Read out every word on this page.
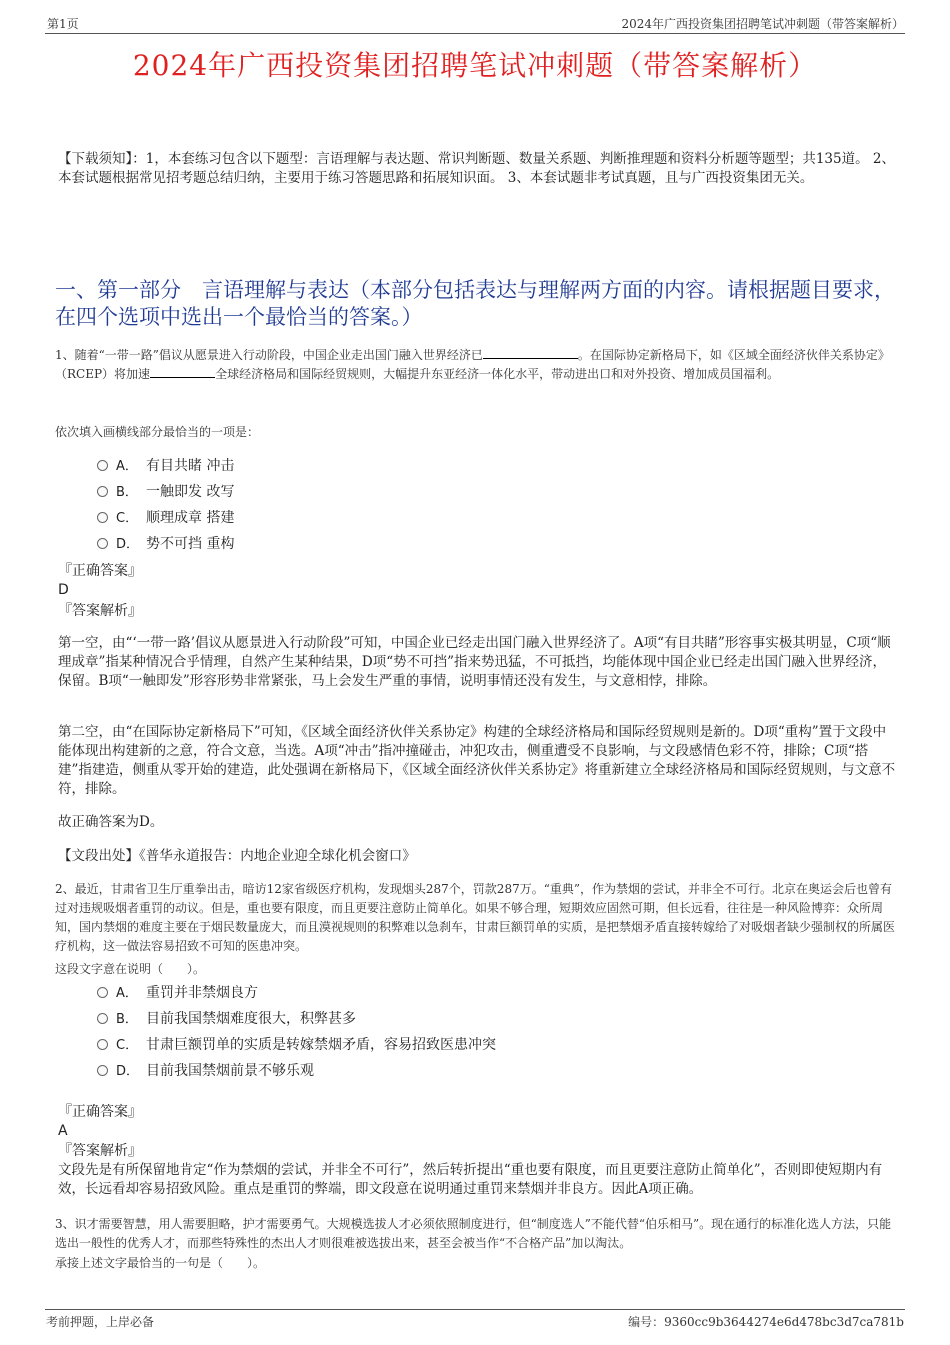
第1页	2024年广西投资集团招聘笔试冲刺题（带答案解析）
2024年广西投资集团招聘笔试冲刺题（带答案解析）
【下载须知】：1，本套练习包含以下题型：言语理解与表达题、常识判断题、数量关系题、判断推理题和资料分析题等题型；共135道。 2、本套试题根据常见招考题总结归纳，主要用于练习答题思路和拓展知识面。 3、本套试题非考试真题，且与广西投资集团无关。
一、第一部分　言语理解与表达（本部分包括表达与理解两方面的内容。请根据题目要求，在四个选项中选出一个最恰当的答案。）
1、随着“一带一路”倡议从愿景进入行动阶段，中国企业走出国门融入世界经济已	。在国际协定新格局下，如《区域全面经济伙伴关系协定》（RCEP）将加速	全球经济格局和国际经贸规则，大幅提升东亚经济一体化水平，带动进出口和对外投资、增加成员国福利。
依次填入画横线部分最恰当的一项是：
A． 有目共睹 冲击
B． 一触即发 改写
C． 顺理成章 搭建
D． 势不可挡 重构
『正确答案』
D
『答案解析』
第一空，由“‘一带一路’倡议从愿景进入行动阶段”可知，中国企业已经走出国门融入世界经济了。A项“有目共睹”形容事实极其明显，C项“顺理成章”指某种情况合乎情理，自然产生某种结果，D项“势不可挡”指来势迅猛，不可抵挡，均能体现中国企业已经走出国门融入世界经济，保留。B项“一触即发”形容形势非常紧张，马上会发生严重的事情，说明事情还没有发生，与文意相悖，排除。
第二空，由“在国际协定新格局下”可知，《区域全面经济伙伴关系协定》构建的全球经济格局和国际经贸规则是新的。D项“重构”置于文段中能体现出构建新的之意，符合文意，当选。A项“冲击”指冲撞碰击，冲犯攻击，侧重遭受不良影响，与文段感情色彩不符，排除；C项“搭建”指建造，侧重从零开始的建造，此处强调在新格局下，《区域全面经济伙伴关系协定》将重新建立全球经济格局和国际经贸规则，与文意不符，排除。
故正确答案为D。
【文段出处】《普华永道报告：内地企业迎全球化机会窗口》
2、最近，甘肃省卫生厅重拳出击，暗访12家省级医疗机构，发现烟头287个，罚款287万。“重典”，作为禁烟的尝试，并非全不可行。北京在奥运会后也曾有过对违规吸烟者重罚的动议。但是，重也要有限度，而且更要注意防止简单化。如果不够合理，短期效应固然可期，但长远看，往往是一种风险博弈：众所周知，国内禁烟的难度主要在于烟民数量庞大，而且漠视规则的积弊难以急刹车，甘肃巨额罚单的实质，是把禁烟矛盾直接转嫁给了对吸烟者缺少强制权的所属医疗机构，这一做法容易招致不可知的医患冲突。
这段文字意在说明（　　）。
A． 重罚并非禁烟良方
B． 目前我国禁烟难度很大，积弊甚多
C． 甘肃巨额罚单的实质是转嫁禁烟矛盾，容易招致医患冲突
D． 目前我国禁烟前景不够乐观
『正确答案』
A
『答案解析』
文段先是有所保留地肯定“作为禁烟的尝试，并非全不可行”，然后转折提出“重也要有限度，而且更要注意防止简单化”，否则即使短期内有效，长远看却容易招致风险。重点是重罚的弊端，即文段意在说明通过重罚来禁烟并非良方。因此A项正确。
3、识才需要智慧，用人需要胆略，护才需要勇气。大规模选拔人才必须依照制度进行，但“制度选人”不能代替“伯乐相马”。现在通行的标准化选人方法，只能选出一般性的优秀人才，而那些特殊性的杰出人才则很难被选拔出来，甚至会被当作“不合格产品”加以淘汰。
承接上述文字最恰当的一句是（　　）。
考前押题，上岸必备	编号：9360cc9b3644274e6d478bc3d7ca781b
